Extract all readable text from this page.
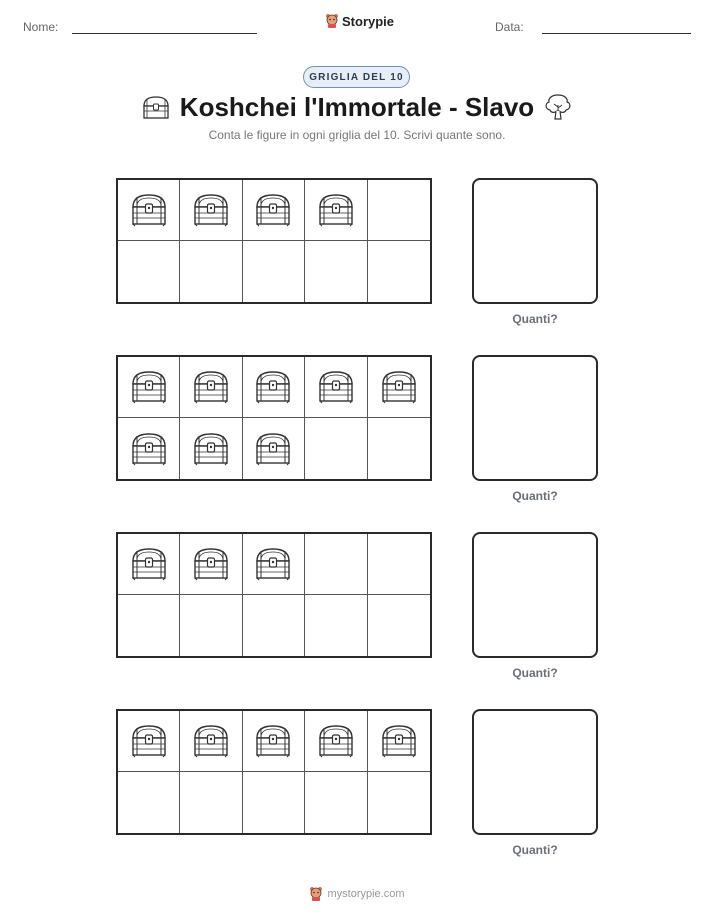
Nome:	Storypie	Data:
GRIGLIA DEL 10
Koshchei l'Immortale - Slavo
Conta le figure in ogni griglia del 10. Scrivi quante sono.
Quanti?
Quanti?
Quanti?
Quanti?
mystorypie.com
